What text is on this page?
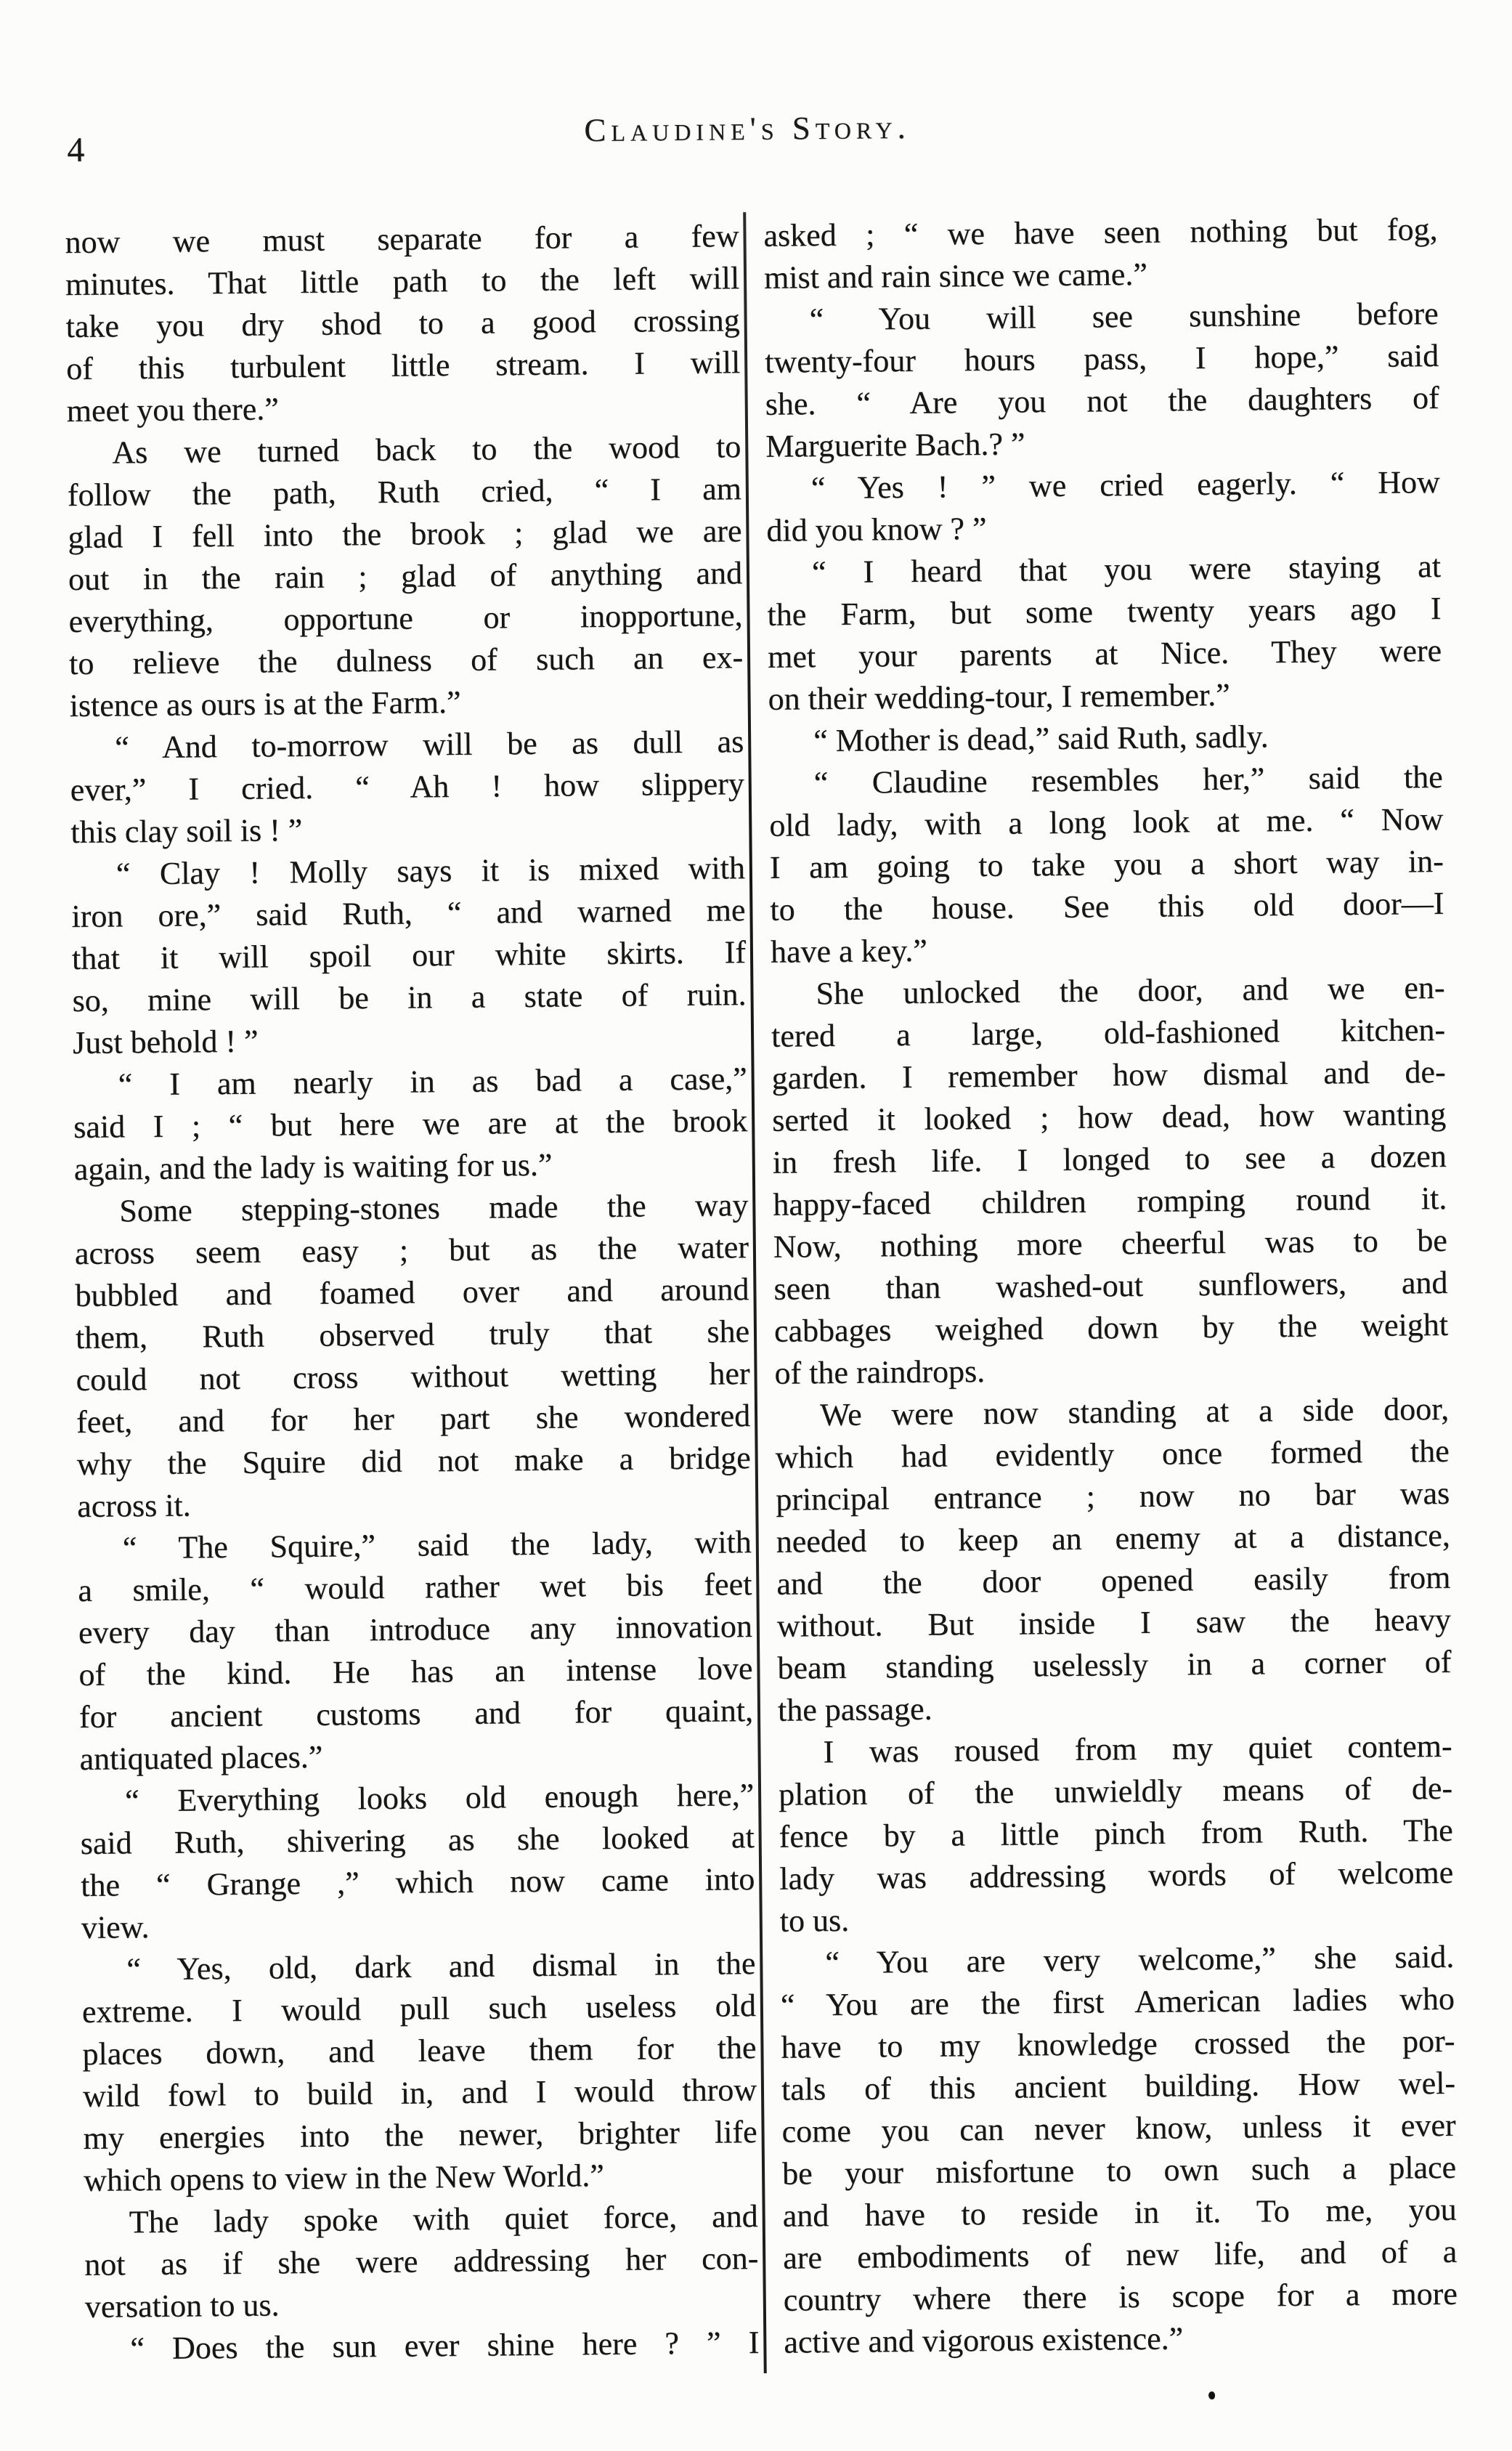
4
Claudine's Story.
now we must separate for a few
minutes. That little path to the left will
take you dry shod to a good crossing
of this turbulent little stream. I will
meet you there.”
As we turned back to the wood to
follow the path, Ruth cried, “ I am
glad I fell into the brook ; glad we are
out in the rain ; glad of anything and
everything, opportune or inopportune,
to relieve the dulness of such an ex-
istence as ours is at the Farm.”
“ And to-morrow will be as dull as
ever,” I cried. “ Ah ! how slippery
this clay soil is ! ”
“ Clay ! Molly says it is mixed with
iron ore,” said Ruth, “ and warned me
that it will spoil our white skirts. If
so, mine will be in a state of ruin.
Just behold ! ”
“ I am nearly in as bad a case,”
said I ; “ but here we are at the brook
again, and the lady is waiting for us.”
Some stepping-stones made the way
across seem easy ; but as the water
bubbled and foamed over and around
them, Ruth observed truly that she
could not cross without wetting her
feet, and for her part she wondered
why the Squire did not make a bridge
across it.
“ The Squire,” said the lady, with
a smile, “ would rather wet bis feet
every day than introduce any innovation
of the kind. He has an intense love
for ancient customs and for quaint,
antiquated places.”
“ Everything looks old enough here,”
said Ruth, shivering as she looked at
the “ Grange ,” which now came into
view.
“ Yes, old, dark and dismal in the
extreme. I would pull such useless old
places down, and leave them for the
wild fowl to build in, and I would throw
my energies into the newer, brighter life
which opens to view in the New World.”
The lady spoke with quiet force, and
not as if she were addressing her con-
versation to us.
“ Does the sun ever shine here ? ” I
asked ; “ we have seen nothing but fog,
mist and rain since we came.”
“ You will see sunshine before
twenty-four hours pass, I hope,” said
she. “ Are you not the daughters of
Marguerite Bach.? ”
“ Yes ! ” we cried eagerly. “ How
did you know ? ”
“ I heard that you were staying at
the Farm, but some twenty years ago I
met your parents at Nice. They were
on their wedding-tour, I remember.”
“ Mother is dead,” said Ruth, sadly.
“ Claudine resembles her,” said the
old lady, with a long look at me. “ Now
I am going to take you a short way in-
to the house. See this old door—I
have a key.”
She unlocked the door, and we en-
tered a large, old-fashioned kitchen-
garden. I remember how dismal and de-
serted it looked ; how dead, how wanting
in fresh life. I longed to see a dozen
happy-faced children romping round it.
Now, nothing more cheerful was to be
seen than washed-out sunflowers, and
cabbages weighed down by the weight
of the raindrops.
We were now standing at a side door,
which had evidently once formed the
principal entrance ; now no bar was
needed to keep an enemy at a distance,
and the door opened easily from
without. But inside I saw the heavy
beam standing uselessly in a corner of
the passage.
I was roused from my quiet contem-
plation of the unwieldly means of de-
fence by a little pinch from Ruth. The
lady was addressing words of welcome
to us.
“ You are very welcome,” she said.
“ You are the first American ladies who
have to my knowledge crossed the por-
tals of this ancient building. How wel-
come you can never know, unless it ever
be your misfortune to own such a place
and have to reside in it. To me, you
are embodiments of new life, and of a
country where there is scope for a more
active and vigorous existence.”
